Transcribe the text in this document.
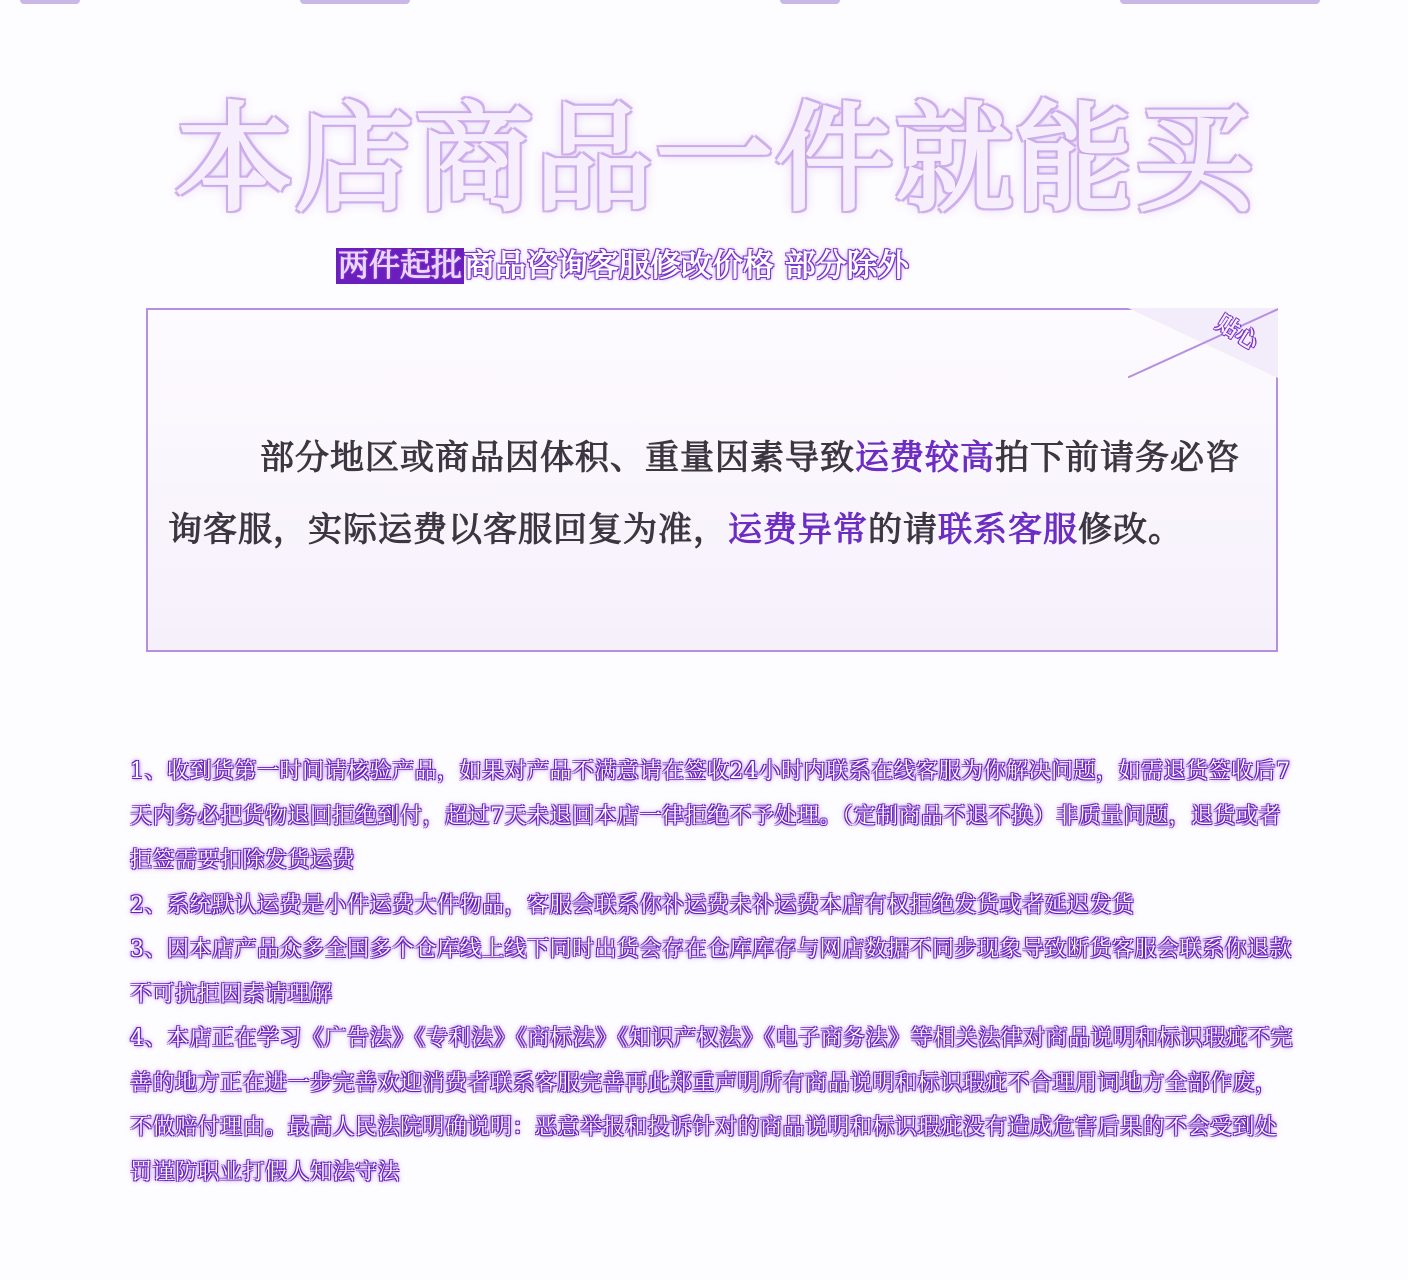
本店商品一件就能买
两件起批商品咨询客服修改价格 部分除外
贴心

部分地区或商品因体积、重量因素导致运费较高拍下前请务必咨询客服，实际运费以客服回复为准，运费异常的请联系客服修改。

1、收到货第一时间请核验产品，如果对产品不满意请在签收24小时内联系在线客服为你解决问题，如需退货签收后7天内务必把货物退回拒绝到付，超过7天未退回本店一律拒绝不予处理。（定制商品不退不换）非质量问题，退货或者拒签需要扣除发货运费

2、系统默认运费是小件运费大件物品，客服会联系你补运费未补运费本店有权拒绝发货或者延迟发货

3、因本店产品众多全国多个仓库线上线下同时出货会存在仓库库存与网店数据不同步现象导致断货客服会联系你退款不可抗拒因素请理解

4、本店正在学习《广告法》《专利法》《商标法》《知识产权法》《电子商务法》等相关法律对商品说明和标识瑕疵不完善的地方正在进一步完善欢迎消费者联系客服完善再此郑重声明所有商品说明和标识瑕疵不合理用词地方全部作废，不做赔付理由。最高人民法院明确说明：恶意举报和投诉针对的商品说明和标识瑕疵没有造成危害后果的不会受到处罚谨防职业打假人知法守法
